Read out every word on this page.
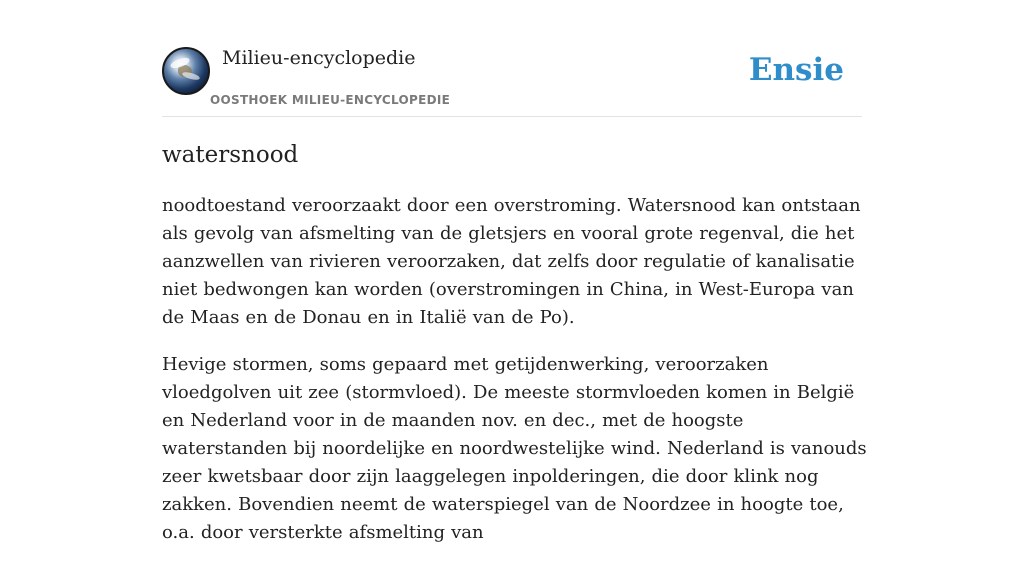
Milieu-encyclopedie
OOSTHOEK MILIEU-ENCYCLOPEDIE
Ensie
watersnood

noodtoestand veroorzaakt door een overstroming. Watersnood kan ontstaan als gevolg van afsmelting van de gletsjers en vooral grote regenval, die het aanzwellen van rivieren veroorzaken, dat zelfs door regulatie of kanalisatie niet bedwongen kan worden (overstromingen in China, in West-Europa van de Maas en de Donau en in Italië van de Po).

Hevige stormen, soms gepaard met getijdenwerking, veroorzaken vloedgolven uit zee (stormvloed). De meeste stormvloeden komen in België en Nederland voor in de maanden nov. en dec., met de hoogste waterstanden bij noordelijke en noordwestelijke wind. Nederland is vanouds zeer kwetsbaar door zijn laaggelegen inpolderingen, die door klink nog zakken. Bovendien neemt de waterspiegel van de Noordzee in hoogte toe, o.a. door versterkte afsmelting van
